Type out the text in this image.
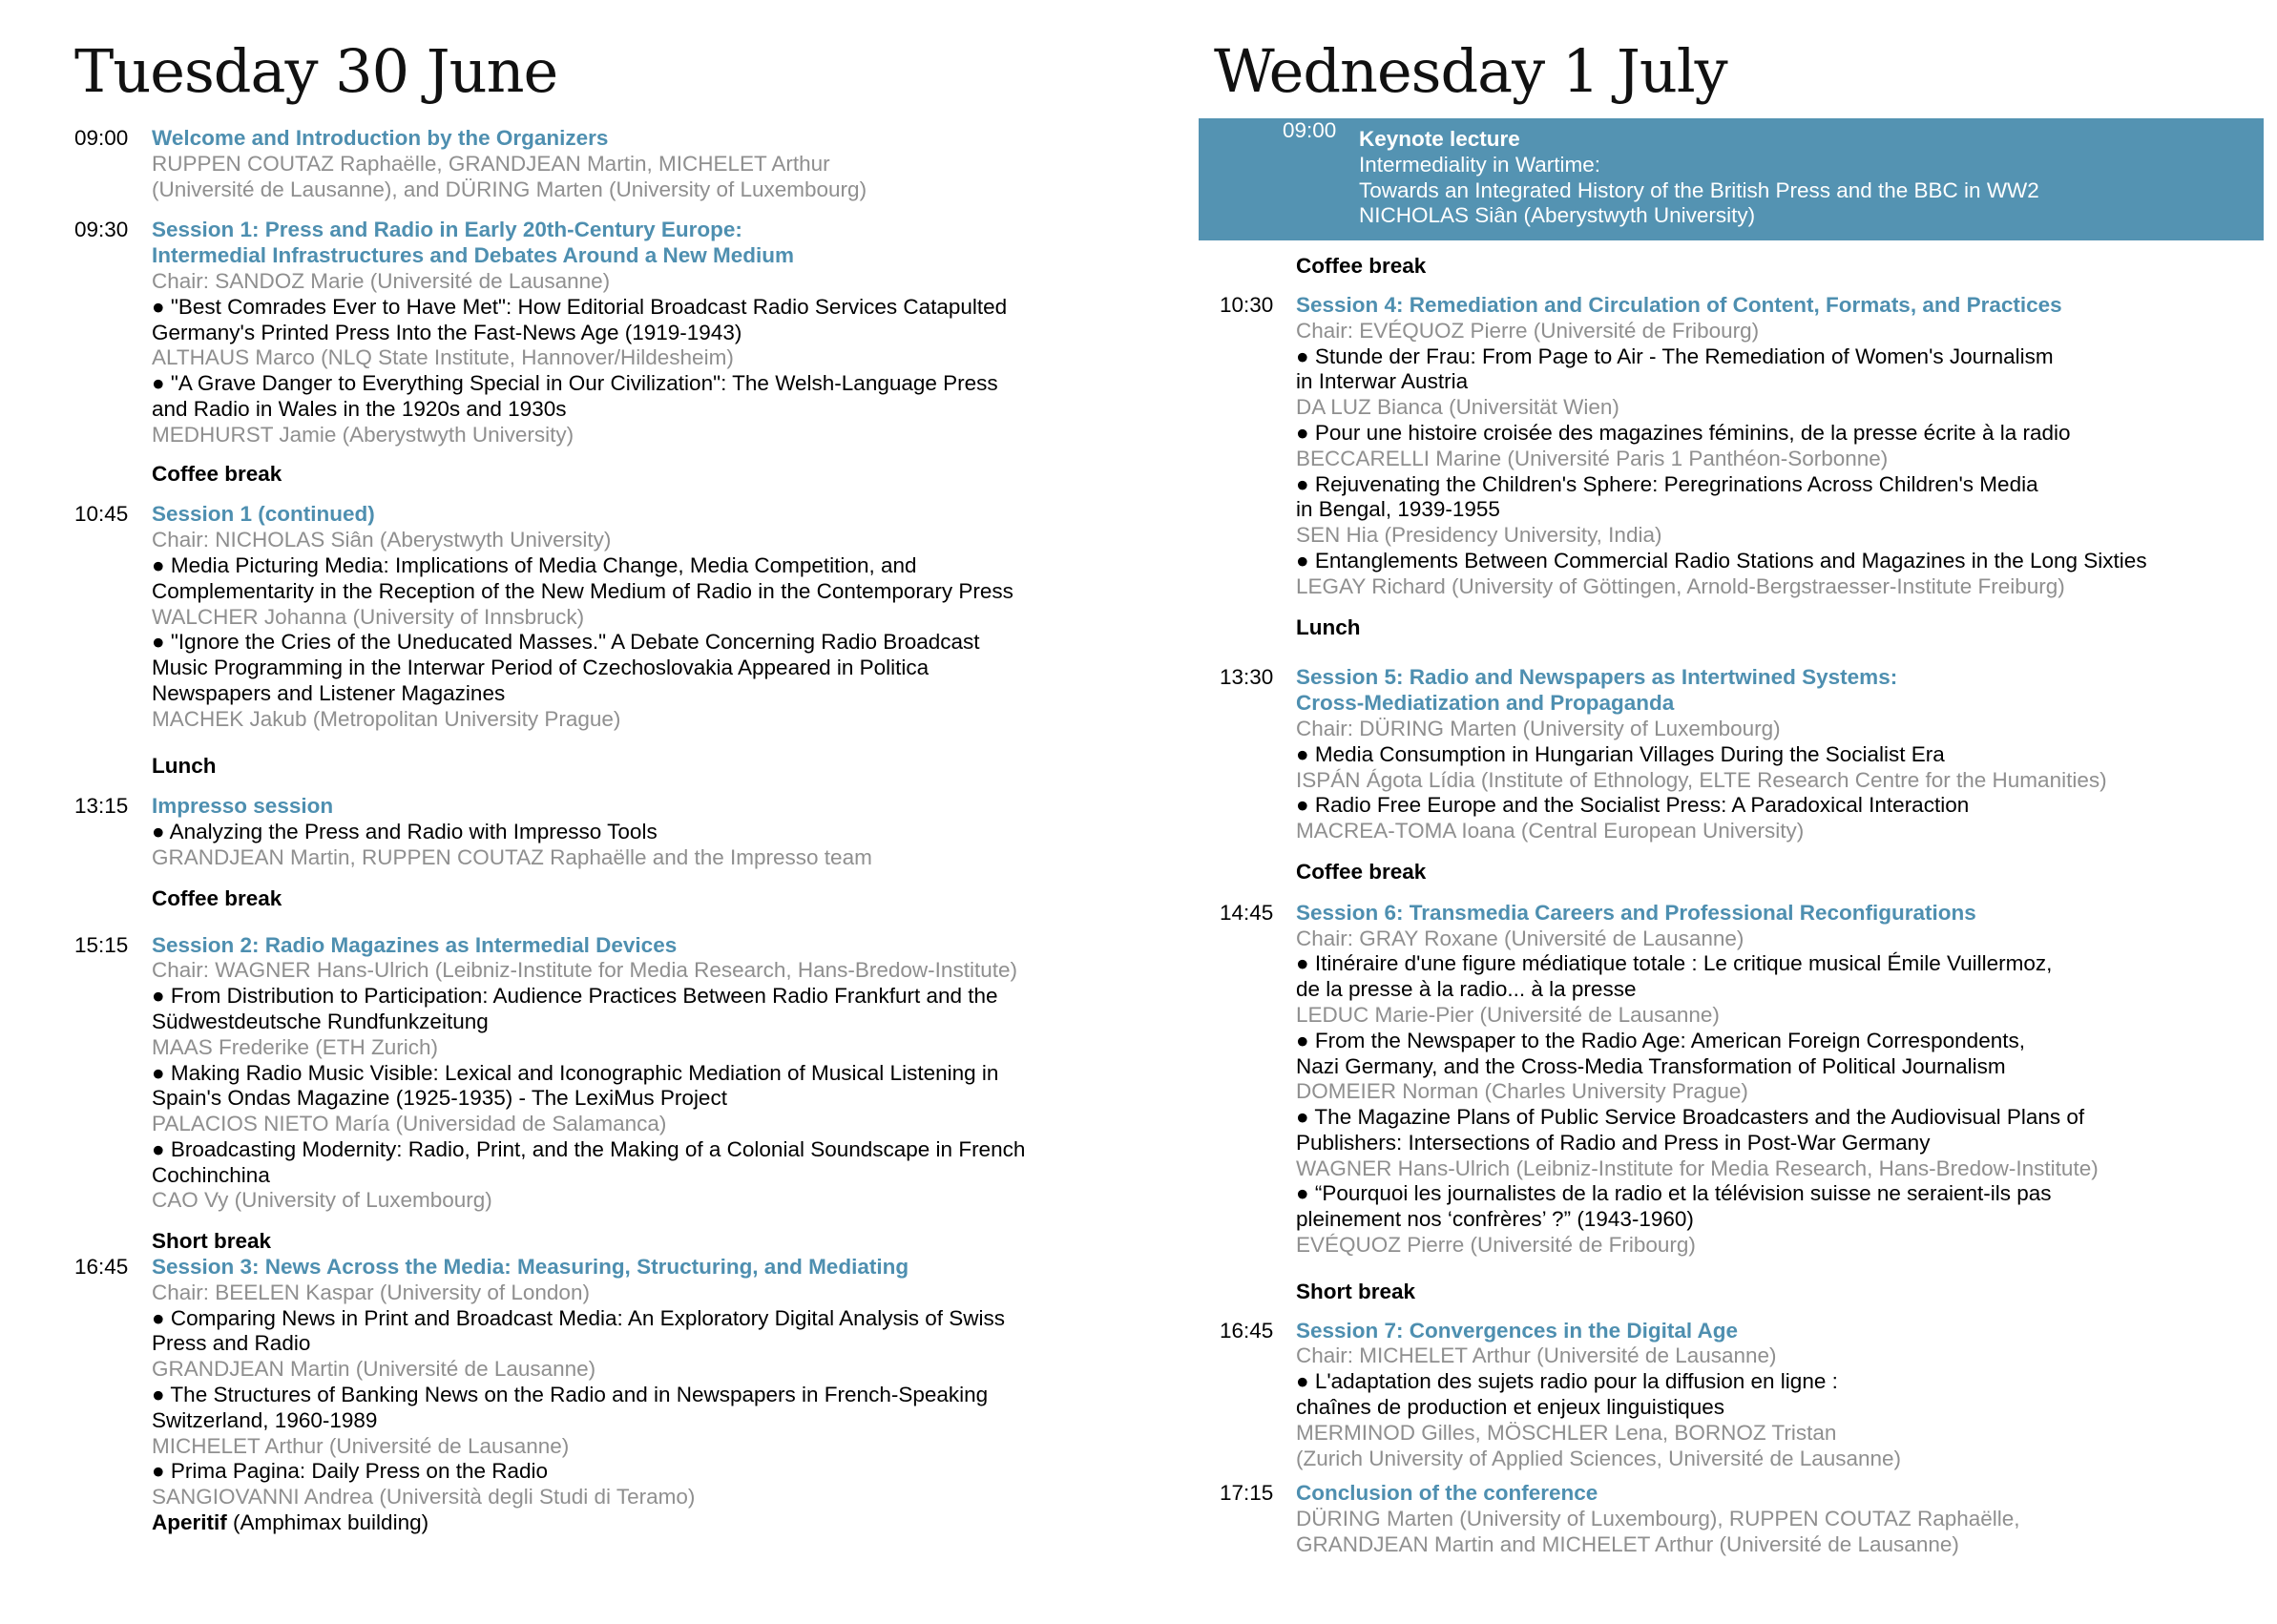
Tuesday 30 June
09:00	Welcome and Introduction by the Organizers
RUPPEN COUTAZ Raphaëlle, GRANDJEAN Martin, MICHELET Arthur
(Université de Lausanne), and DÜRING Marten (University of Luxembourg)
09:30	Session 1: Press and Radio in Early 20th-Century Europe:
Intermedial Infrastructures and Debates Around a New Medium
Chair: SANDOZ Marie (Université de Lausanne)
● "Best Comrades Ever to Have Met": How Editorial Broadcast Radio Services Catapulted
Germany's Printed Press Into the Fast-News Age (1919-1943)
ALTHAUS Marco (NLQ State Institute, Hannover/Hildesheim)
● "A Grave Danger to Everything Special in Our Civilization": The Welsh-Language Press
and Radio in Wales in the 1920s and 1930s
MEDHURST Jamie (Aberystwyth University)
Coffee break
10:45	Session 1 (continued)
Chair: NICHOLAS Siân (Aberystwyth University)
● Media Picturing Media: Implications of Media Change, Media Competition, and
Complementarity in the Reception of the New Medium of Radio in the Contemporary Press
WALCHER Johanna (University of Innsbruck)
● "Ignore the Cries of the Uneducated Masses." A Debate Concerning Radio Broadcast
Music Programming in the Interwar Period of Czechoslovakia Appeared in Politica
Newspapers and Listener Magazines
MACHEK Jakub (Metropolitan University Prague)
Lunch
13:15	Impresso session
● Analyzing the Press and Radio with Impresso Tools
GRANDJEAN Martin, RUPPEN COUTAZ Raphaëlle and the Impresso team
Coffee break
15:15	Session 2: Radio Magazines as Intermedial Devices
Chair: WAGNER Hans-Ulrich (Leibniz-Institute for Media Research, Hans-Bredow-Institute)
● From Distribution to Participation: Audience Practices Between Radio Frankfurt and the
Südwestdeutsche Rundfunkzeitung
MAAS Frederike (ETH Zurich)
● Making Radio Music Visible: Lexical and Iconographic Mediation of Musical Listening in
Spain's Ondas Magazine (1925-1935) - The LexiMus Project
PALACIOS NIETO María (Universidad de Salamanca)
● Broadcasting Modernity: Radio, Print, and the Making of a Colonial Soundscape in French
Cochinchina
CAO Vy (University of Luxembourg)
Short break
16:45	Session 3: News Across the Media: Measuring, Structuring, and Mediating
Chair: BEELEN Kaspar (University of London)
● Comparing News in Print and Broadcast Media: An Exploratory Digital Analysis of Swiss
Press and Radio
GRANDJEAN Martin (Université de Lausanne)
● The Structures of Banking News on the Radio and in Newspapers in French-Speaking
Switzerland, 1960-1989
MICHELET Arthur (Université de Lausanne)
● Prima Pagina: Daily Press on the Radio
SANGIOVANNI Andrea (Università degli Studi di Teramo)
Aperitif (Amphimax building)
Wednesday 1 July
09:00	Keynote lecture
Intermediality in Wartime:
Towards an Integrated History of the British Press and the BBC in WW2
NICHOLAS Siân (Aberystwyth University)
Coffee break
10:30	Session 4: Remediation and Circulation of Content, Formats, and Practices
Chair: EVÉQUOZ Pierre (Université de Fribourg)
● Stunde der Frau: From Page to Air - The Remediation of Women's Journalism
in Interwar Austria
DA LUZ Bianca (Universität Wien)
● Pour une histoire croisée des magazines féminins, de la presse écrite à la radio
BECCARELLI Marine (Université Paris 1 Panthéon-Sorbonne)
● Rejuvenating the Children's Sphere: Peregrinations Across Children's Media
in Bengal, 1939-1955
SEN Hia (Presidency University, India)
● Entanglements Between Commercial Radio Stations and Magazines in the Long Sixties
LEGAY Richard (University of Göttingen, Arnold-Bergstraesser-Institute Freiburg)
Lunch
13:30	Session 5: Radio and Newspapers as Intertwined Systems:
Cross-Mediatization and Propaganda
Chair: DÜRING Marten (University of Luxembourg)
● Media Consumption in Hungarian Villages During the Socialist Era
ISPÁN Ágota Lídia (Institute of Ethnology, ELTE Research Centre for the Humanities)
● Radio Free Europe and the Socialist Press: A Paradoxical Interaction
MACREA-TOMA Ioana (Central European University)
Coffee break
14:45	Session 6: Transmedia Careers and Professional Reconfigurations
Chair: GRAY Roxane (Université de Lausanne)
● Itinéraire d'une figure médiatique totale : Le critique musical Émile Vuillermoz,
de la presse à la radio... à la presse
LEDUC Marie-Pier (Université de Lausanne)
● From the Newspaper to the Radio Age: American Foreign Correspondents,
Nazi Germany, and the Cross-Media Transformation of Political Journalism
DOMEIER Norman (Charles University Prague)
● The Magazine Plans of Public Service Broadcasters and the Audiovisual Plans of
Publishers: Intersections of Radio and Press in Post-War Germany
WAGNER Hans-Ulrich (Leibniz-Institute for Media Research, Hans-Bredow-Institute)
● “Pourquoi les journalistes de la radio et la télévision suisse ne seraient-ils pas
pleinement nos ‘confrères’ ?” (1943-1960)
EVÉQUOZ Pierre (Université de Fribourg)
Short break
16:45	Session 7: Convergences in the Digital Age
Chair: MICHELET Arthur (Université de Lausanne)
● L'adaptation des sujets radio pour la diffusion en ligne :
chaînes de production et enjeux linguistiques
MERMINOD Gilles, MÖSCHLER Lena, BORNOZ Tristan
(Zurich University of Applied Sciences, Université de Lausanne)
17:15	Conclusion of the conference
DÜRING Marten (University of Luxembourg), RUPPEN COUTAZ Raphaëlle,
GRANDJEAN Martin and MICHELET Arthur (Université de Lausanne)
